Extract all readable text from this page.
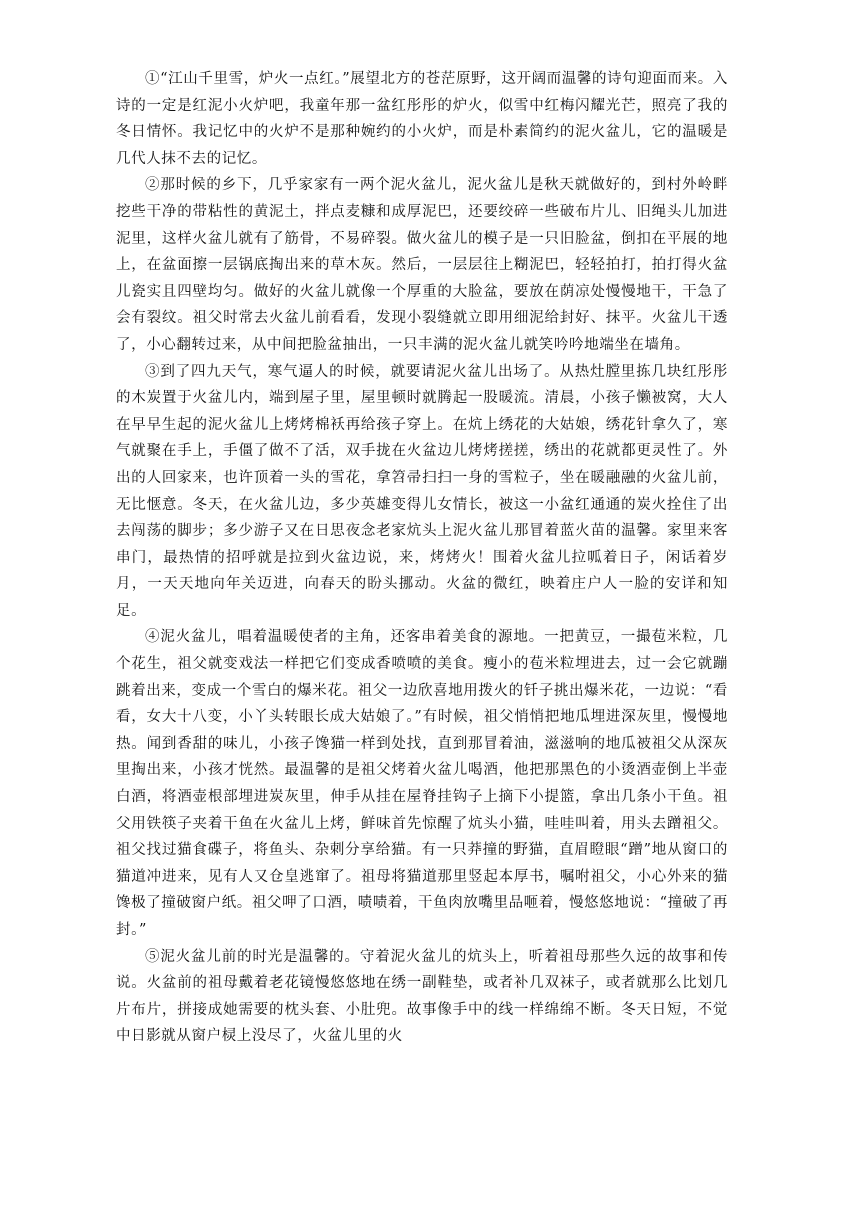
①“江山千里雪，炉火一点红。”展望北方的苍茫原野，这开阔而温馨的诗句迎面而来。入诗的一定是红泥小火炉吧，我童年那一盆红彤彤的炉火，似雪中红梅闪耀光芒，照亮了我的冬日情怀。我记忆中的火炉不是那种婉约的小火炉，而是朴素简约的泥火盆儿，它的温暖是几代人抹不去的记忆。

②那时候的乡下，几乎家家有一两个泥火盆儿，泥火盆儿是秋天就做好的，到村外岭畔挖些干净的带粘性的黄泥土，拌点麦糠和成厚泥巴，还要绞碎一些破布片儿、旧绳头儿加进泥里，这样火盆儿就有了筋骨，不易碎裂。做火盆儿的模子是一只旧脸盆，倒扣在平展的地上，在盆面擦一层锅底掏出来的草木灰。然后，一层层往上糊泥巴，轻轻拍打，拍打得火盆儿瓷实且四壁均匀。做好的火盆儿就像一个厚重的大脸盆，要放在荫凉处慢慢地干，干急了会有裂纹。祖父时常去火盆儿前看看，发现小裂缝就立即用细泥给封好、抹平。火盆儿干透了，小心翻转过来，从中间把脸盆抽出，一只丰满的泥火盆儿就笑吟吟地端坐在墙角。

③到了四九天气，寒气逼人的时候，就要请泥火盆儿出场了。从热灶膛里拣几块红彤彤的木炭置于火盆儿内，端到屋子里，屋里顿时就腾起一股暖流。清晨，小孩子懒被窝，大人在早早生起的泥火盆儿上烤烤棉袄再给孩子穿上。在炕上绣花的大姑娘，绣花针拿久了，寒气就聚在手上，手僵了做不了活，双手拢在火盆边儿烤烤搓搓，绣出的花就都更灵性了。外出的人回家来，也许顶着一头的雪花，拿笤帚扫扫一身的雪粒子，坐在暖融融的火盆儿前，无比惬意。冬天，在火盆儿边，多少英雄变得儿女情长，被这一小盆红通通的炭火拴住了出去闯荡的脚步；多少游子又在日思夜念老家炕头上泥火盆儿那冒着蓝火苗的温馨。家里来客串门，最热情的招呼就是拉到火盆边说，来，烤烤火！围着火盆儿拉呱着日子，闲话着岁月，一天天地向年关迈进，向春天的盼头挪动。火盆的微红，映着庄户人一脸的安详和知足。

④泥火盆儿，唱着温暖使者的主角，还客串着美食的源地。一把黄豆，一撮苞米粒，几个花生，祖父就变戏法一样把它们变成香喷喷的美食。瘦小的苞米粒埋进去，过一会它就蹦跳着出来，变成一个雪白的爆米花。祖父一边欣喜地用拨火的钎子挑出爆米花，一边说：“看看，女大十八变，小丫头转眼长成大姑娘了。”有时候，祖父悄悄把地瓜埋进深灰里，慢慢地热。闻到香甜的味儿，小孩子馋猫一样到处找，直到那冒着油，滋滋响的地瓜被祖父从深灰里掏出来，小孩才恍然。最温馨的是祖父烤着火盆儿喝酒，他把那黑色的小烫酒壶倒上半壶白酒，将酒壶根部埋进炭灰里，伸手从挂在屋脊挂钩子上摘下小提篮，拿出几条小干鱼。祖父用铁筷子夹着干鱼在火盆儿上烤，鲜味首先惊醒了炕头小猫，哇哇叫着，用头去蹭祖父。祖父找过猫食碟子，将鱼头、杂刺分享给猫。有一只莽撞的野猫，直眉瞪眼“蹭”地从窗口的猫道冲进来，见有人又仓皇逃窜了。祖母将猫道那里竖起本厚书，嘱咐祖父，小心外来的猫馋极了撞破窗户纸。祖父呷了口酒，啧啧着，干鱼肉放嘴里品咂着，慢悠悠地说：“撞破了再封。”

⑤泥火盆儿前的时光是温馨的。守着泥火盆儿的炕头上，听着祖母那些久远的故事和传说。火盆前的祖母戴着老花镜慢悠悠地在绣一副鞋垫，或者补几双袜子，或者就那么比划几片布片，拼接成她需要的枕头套、小肚兜。故事像手中的线一样绵绵不断。冬天日短，不觉中日影就从窗户棂上没尽了，火盆儿里的火
